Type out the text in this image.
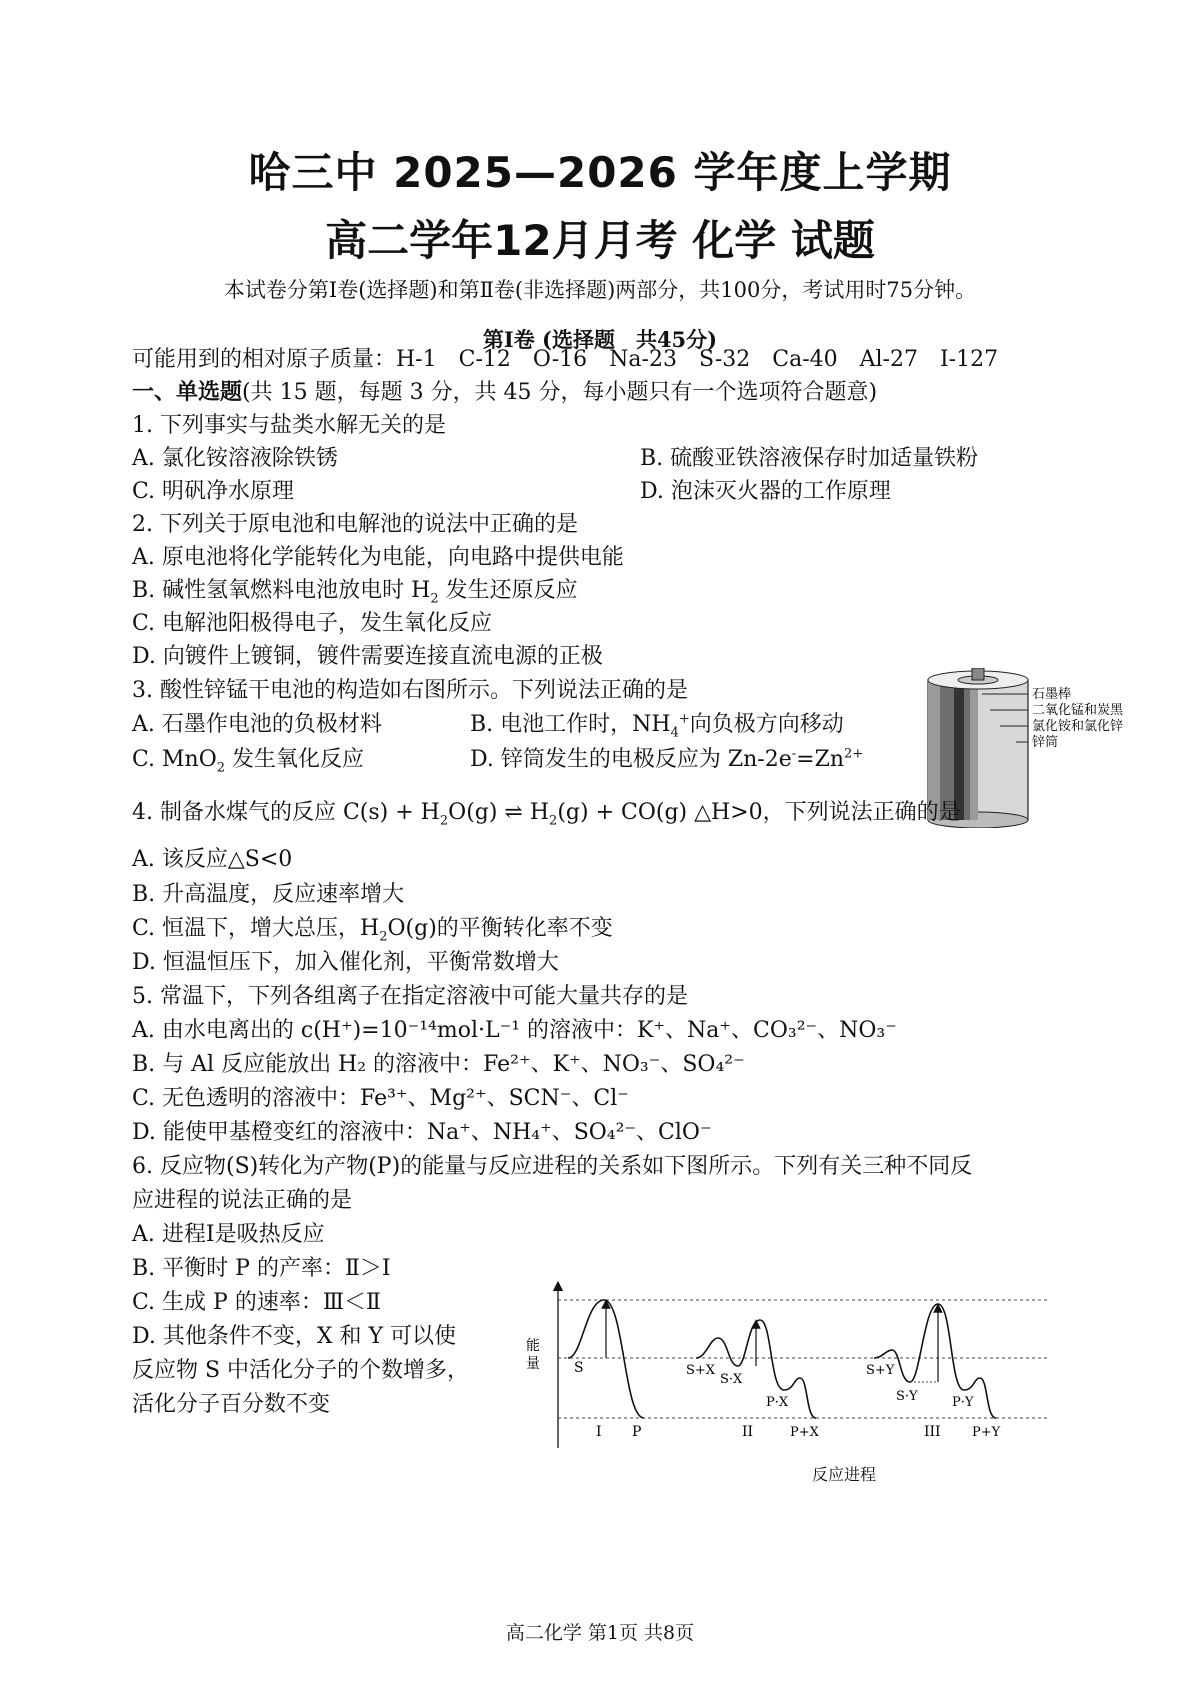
哈三中 2025—2026 学年度上学期
高二学年12月月考 化学 试题
本试卷分第Ⅰ卷(选择题)和第Ⅱ卷(非选择题)两部分，共100分，考试用时75分钟。
第Ⅰ卷 (选择题　共45分)
可能用到的相对原子质量：H-1　C-12　O-16　Na-23　S-32　Ca-40　Al-27　I-127
一、单选题(共 15 题，每题 3 分，共 45 分，每小题只有一个选项符合题意)
1. 下列事实与盐类水解无关的是
A. 氯化铵溶液除铁锈	B. 硫酸亚铁溶液保存时加适量铁粉
C. 明矾净水原理	D. 泡沫灭火器的工作原理
2. 下列关于原电池和电解池的说法中正确的是
A. 原电池将化学能转化为电能，向电路中提供电能
B. 碱性氢氧燃料电池放电时 $H_2$ 发生还原反应
C. 电解池阳极得电子，发生氧化反应
D. 向镀件上镀铜，镀件需要连接直流电源的正极
3. 酸性锌锰干电池的构造如右图所示。下列说法正确的是
A. 石墨作电池的负极材料	B. 电池工作时，$NH_4^+$向负极方向移动
C. MnO$_2$ 发生氧化反应	D. 锌筒发生的电极反应为 $Zn-2e^-=Zn^{2+}$
石墨棒
二氧化锰和炭黑
氯化铵和氯化锌
锌筒
4. 制备水煤气的反应 $C(s) + H_2O(g)$ ⇌ $H_2(g) + CO(g)$ △H>0，下列说法正确的是
A. 该反应△S<0
B. 升高温度，反应速率增大
C. 恒温下，增大总压，$H_2O(g)$的平衡转化率不变
D. 恒温恒压下，加入催化剂，平衡常数增大
5. 常温下，下列各组离子在指定溶液中可能大量共存的是
A. 由水电离出的 c(H⁺)=10⁻¹⁴mol·L⁻¹ 的溶液中：K⁺、Na⁺、CO₃²⁻、NO₃⁻
B. 与 Al 反应能放出 H₂ 的溶液中：Fe²⁺、K⁺、NO₃⁻、SO₄²⁻
C. 无色透明的溶液中：Fe³⁺、Mg²⁺、SCN⁻、Cl⁻
D. 能使甲基橙变红的溶液中：Na⁺、NH₄⁺、SO₄²⁻、ClO⁻
6. 反应物(S)转化为产物(P)的能量与反应进程的关系如下图所示。下列有关三种不同反
应进程的说法正确的是
A. 进程Ⅰ是吸热反应
B. 平衡时 P 的产率：Ⅱ＞Ⅰ
C. 生成 P 的速率：Ⅲ＜Ⅱ
D. 其他条件不变，X 和 Y 可以使
反应物 S 中活化分子的个数增多，
活化分子百分数不变
能
量 S
I P
S+X
S·X
P·X
II	P+X
S+Y
S·Y	P·Y
III P+Y
反应进程
高二化学 第1页 共8页
